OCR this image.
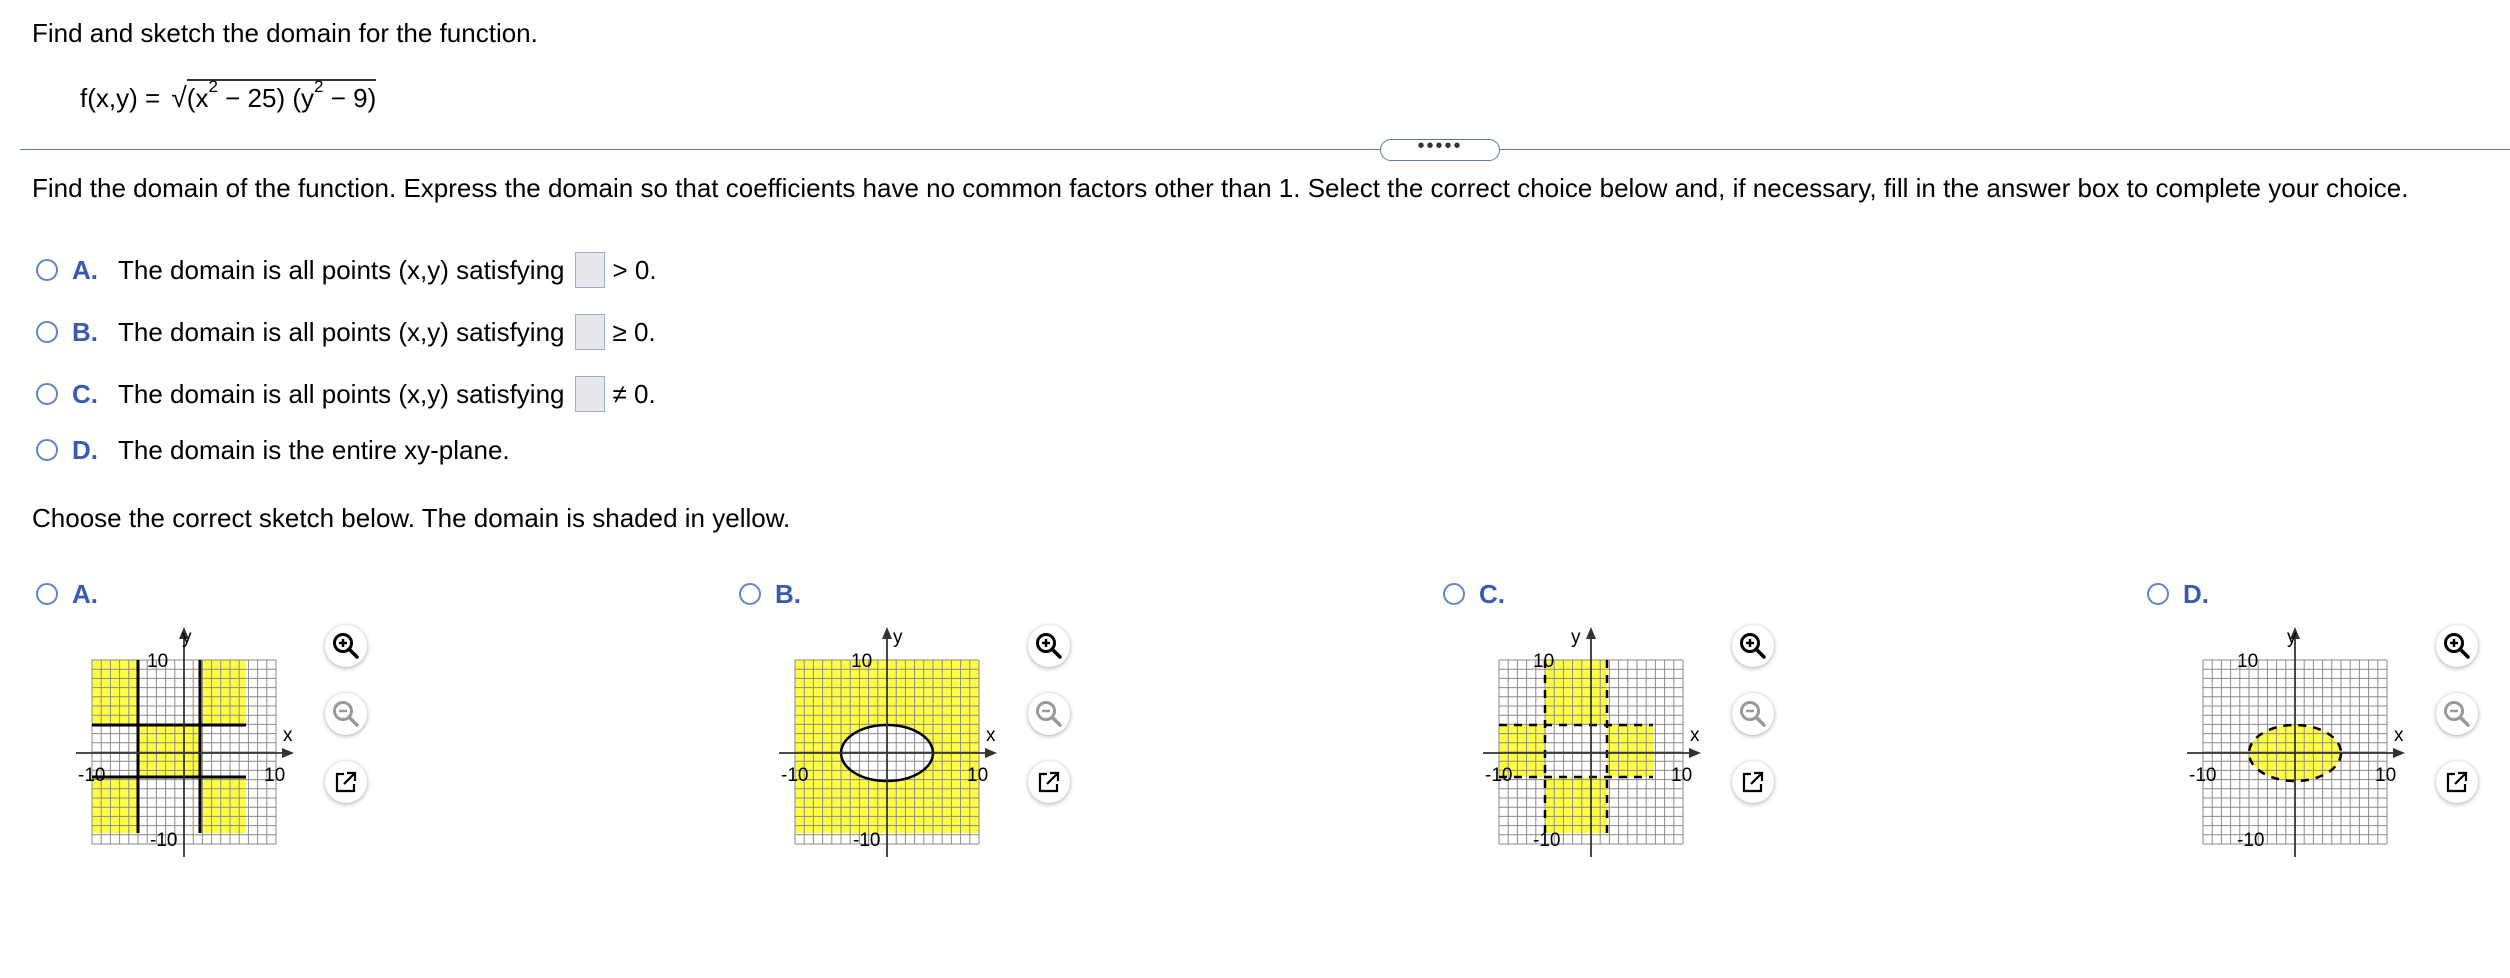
Find and sketch the domain for the function.
$f(x,y) = √(x^2 - 25) (y^2 - 9)$
•••••
Find the domain of the function. Express the domain so that coefficients have no common factors other than 1. Select the correct choice below and, if necessary, fill in the answer box to complete your choice.
A. The domain is all points (x,y) satisfying > 0.
B. The domain is all points (x,y) satisfying ≥ 0.
C. The domain is all points (x,y) satisfying ≠ 0.
D. The domain is the entire xy-plane.
Choose the correct sketch below. The domain is shaded in yellow.
A.	B.	C.	D.
y
x
10
-10	10
-10
y
x
10
-10	10
-10
y
x
10
-10	10
-10
y
x
10
-10	10
-10
